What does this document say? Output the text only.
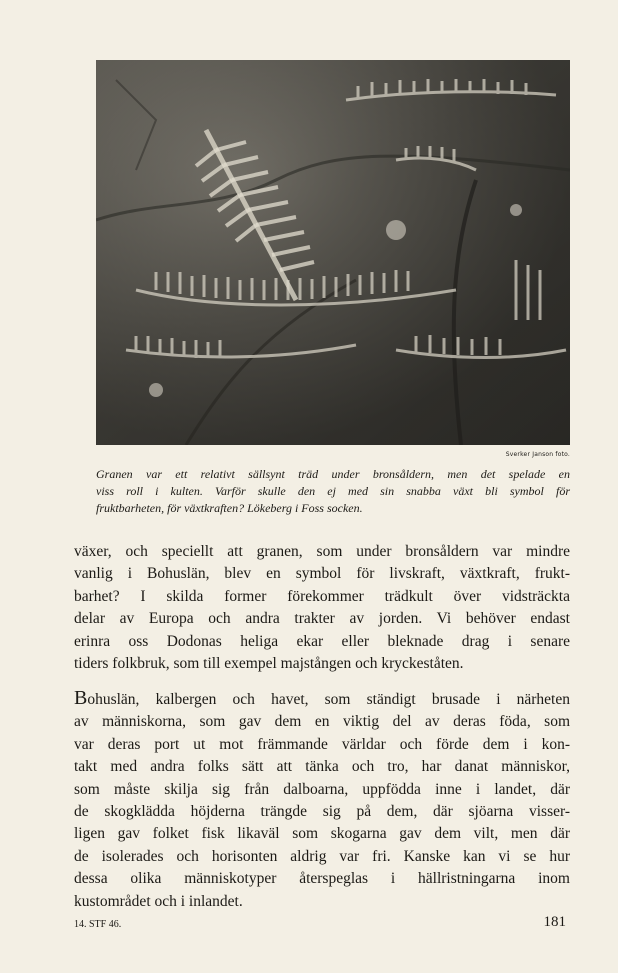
Sverker Janson foto.
Granen var ett relativt sällsynt träd under bronsåldern, men det spelade en
viss roll i kulten. Varför skulle den ej med sin snabba växt bli symbol för
fruktbarheten, för växtkraften? Lökeberg i Foss socken.
växer, och speciellt att granen, som under bronsåldern var mindre
vanlig i Bohuslän, blev en symbol för livskraft, växtkraft, frukt-
barhet? I skilda former förekommer trädkult över vidsträckta
delar av Europa och andra trakter av jorden. Vi behöver endast
erinra oss Dodonas heliga ekar eller bleknade drag i senare
tiders folkbruk, som till exempel majstången och kryckeståten.
Bohuslän, kalbergen och havet, som ständigt brusade i närheten
av människorna, som gav dem en viktig del av deras föda, som
var deras port ut mot främmande världar och förde dem i kon-
takt med andra folks sätt att tänka och tro, har danat människor,
som måste skilja sig från dalboarna, uppfödda inne i landet, där
de skogklädda höjderna trängde sig på dem, där sjöarna visser-
ligen gav folket fisk likaväl som skogarna gav dem vilt, men där
de isolerades och horisonten aldrig var fri. Kanske kan vi se hur
dessa olika människotyper återspeglas i hällristningarna inom
kustområdet och i inlandet.
14. STF 46.	181
